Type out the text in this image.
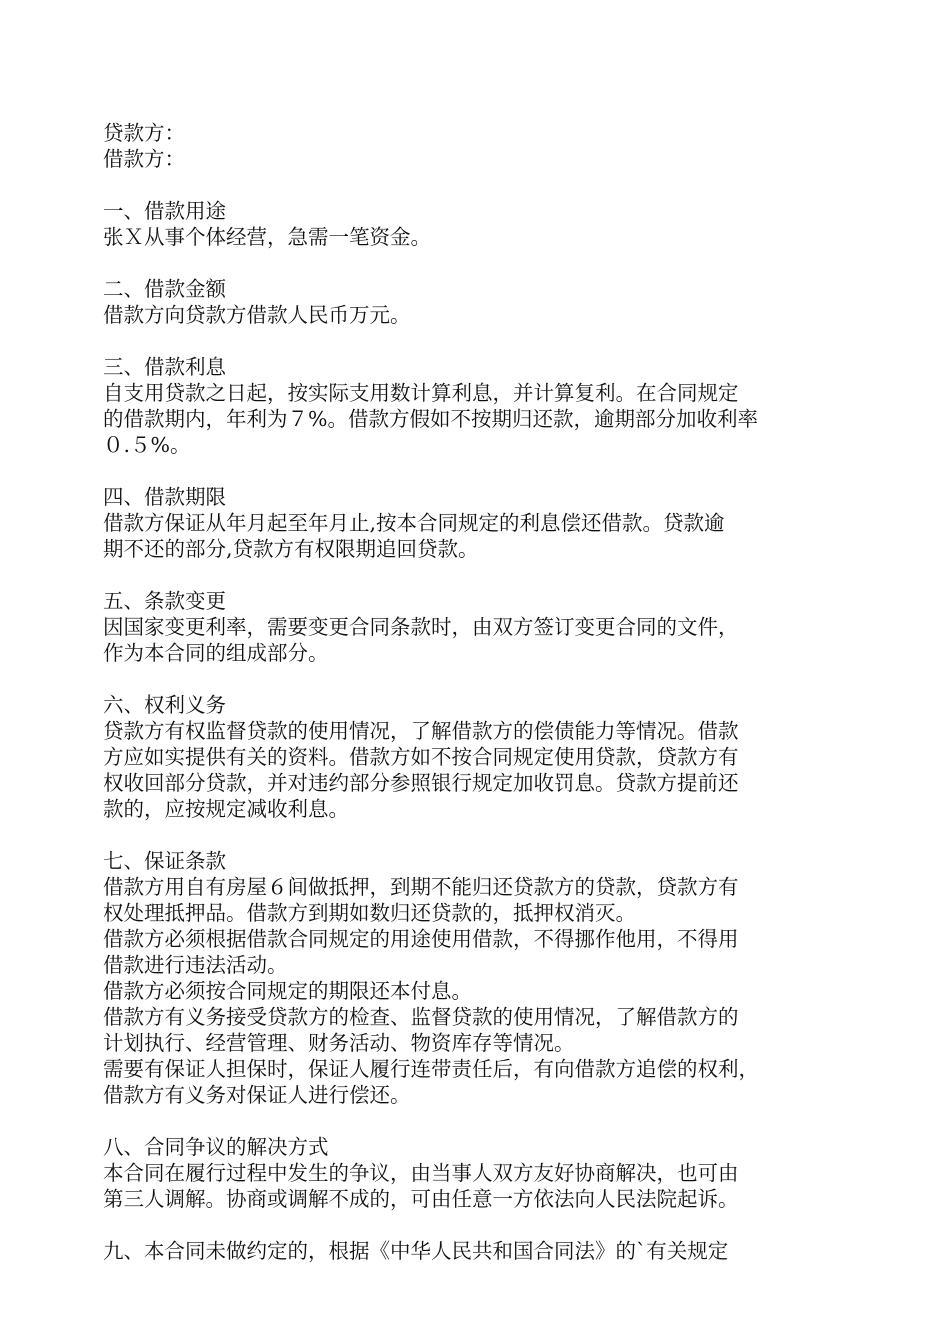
贷款方：
借款方：
一、借款用途
张Ｘ从事个体经营，急需一笔资金。
二、借款金额
借款方向贷款方借款人民币万元。
三、借款利息
自支用贷款之日起，按实际支用数计算利息，并计算复利。在合同规定
的借款期内，年利为７%。借款方假如不按期归还款，逾期部分加收利率
０.５%。
四、借款期限
借款方保证从年月起至年月止,按本合同规定的利息偿还借款。贷款逾
期不还的部分,贷款方有权限期追回贷款。
五、条款变更
因国家变更利率，需要变更合同条款时，由双方签订变更合同的文件，
作为本合同的组成部分。
六、权利义务
贷款方有权监督贷款的使用情况，了解借款方的偿债能力等情况。借款
方应如实提供有关的资料。借款方如不按合同规定使用贷款，贷款方有
权收回部分贷款，并对违约部分参照银行规定加收罚息。贷款方提前还
款的，应按规定减收利息。
七、保证条款
借款方用自有房屋６间做抵押，到期不能归还贷款方的贷款，贷款方有
权处理抵押品。借款方到期如数归还贷款的，抵押权消灭。
借款方必须根据借款合同规定的用途使用借款，不得挪作他用，不得用
借款进行违法活动。
借款方必须按合同规定的期限还本付息。
借款方有义务接受贷款方的检查、监督贷款的使用情况，了解借款方的
计划执行、经营管理、财务活动、物资库存等情况。
需要有保证人担保时，保证人履行连带责任后，有向借款方追偿的权利，
借款方有义务对保证人进行偿还。
八、合同争议的解决方式
本合同在履行过程中发生的争议，由当事人双方友好协商解决，也可由
第三人调解。协商或调解不成的，可由任意一方依法向人民法院起诉。
九、本合同未做约定的，根据《中华人民共和国合同法》的`有关规定
